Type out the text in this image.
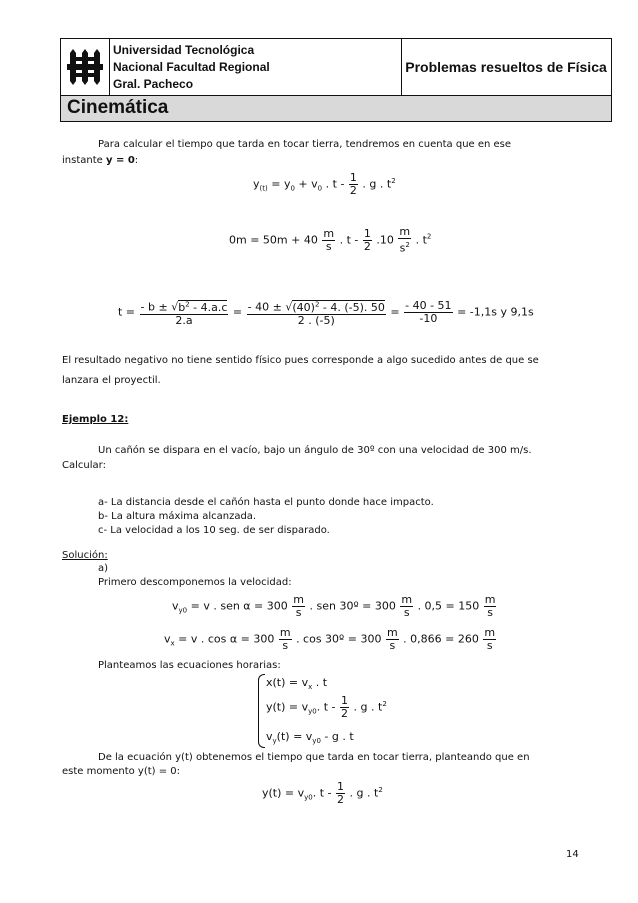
Universidad Tecnológica
Nacional Facultad Regional
Gral. Pacheco
Problemas resueltos de Física
Cinemática
Para calcular el tiempo que tarda en tocar tierra, tendremos en cuenta que en ese
instante y = 0:
$y_{(t)} = y_0 + v_0$ . t - $\frac{1}{2}$ . g . $t^2$
$0m = 50m + 40 \frac{m}{s}$ . t - $\frac{1}{2} .10 \frac{m}{s^2}$ . $t^2$
$t = \frac{- b \pm √b^2 - 4.a.c}{2.a} = \frac{- 40 \pm √(40)^2 - 4. (-5). 50}{2 . (-5)} = \frac{- 40 - 51}{-10} = -1,1s$ y 9,1s
El resultado negativo no tiene sentido físico pues corresponde a algo sucedido antes de que se
lanzara el proyectil.
Ejemplo 12:
Un cañón se dispara en el vacío, bajo un ángulo de 30º con una velocidad de 300 m/s.
Calcular:
a- La distancia desde el cañón hasta el punto donde hace impacto.
b- La altura máxima alcanzada.
c- La velocidad a los 10 seg. de ser disparado.
Solución:
a)
Primero descomponemos la velocidad:
$v_{y0} = v$ . sen $\alpha = 300 \frac{m}{s}$ . sen 30º = $300 \frac{m}{s}$ . $0,5 = 150 \frac{m}{s}$
$v_x = v$ . $\cos \alpha = 300 \frac{m}{s}$ . cos 30º = $300 \frac{m}{s}$ . $0,866 = 260 \frac{m}{s}$
Planteamos las ecuaciones horarias:
$x(t) = v_x$ . t
$y(t) = v_{y0}$. t - $\frac{1}{2}$ . g . $t^2$
$v_y(t) = v_{y0} - g$ . t
De la ecuación y(t) obtenemos el tiempo que tarda en tocar tierra, planteando que en
este momento y(t) = 0:
$y(t) = v_{y0}$. t - $\frac{1}{2}$ . g . $t^2$
14
